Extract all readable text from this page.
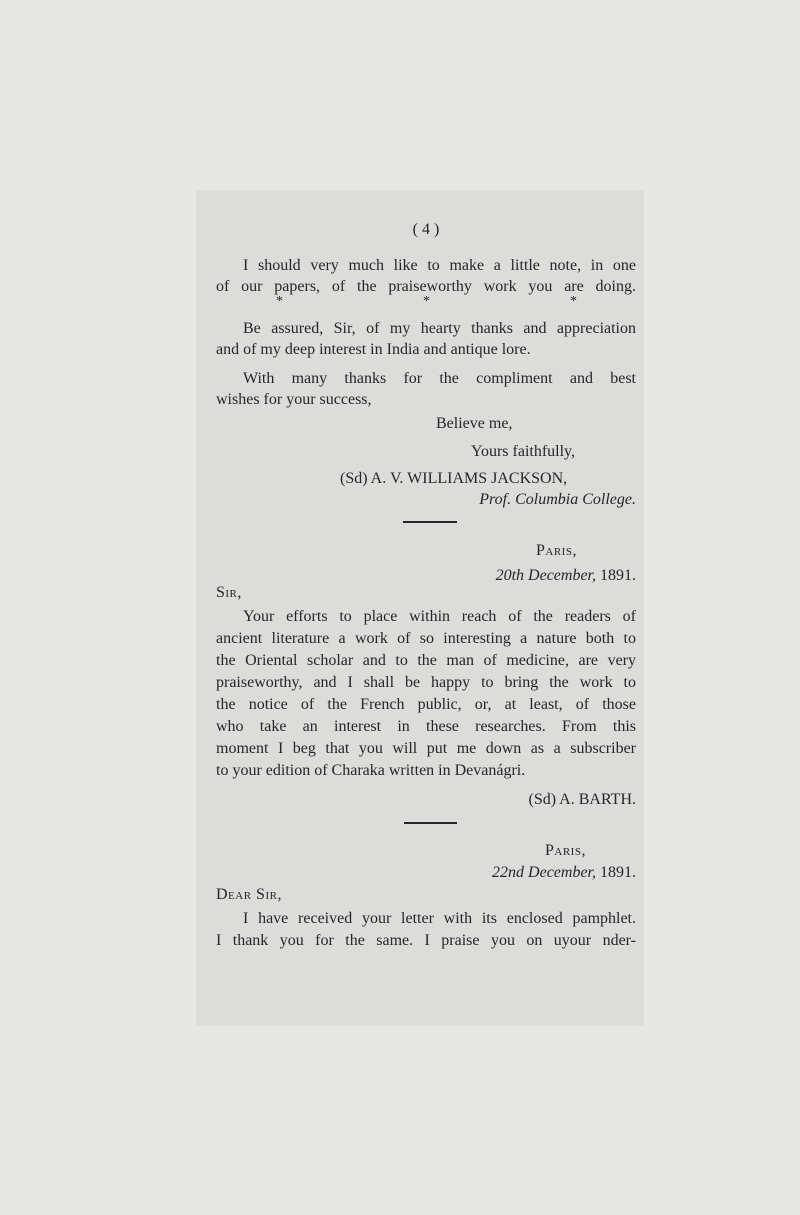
( 4 )
I should very much like to make a little note, in one
of our papers, of the praiseworthy work you are doing.
*	*	*
Be assured, Sir, of my hearty thanks and appreciation
and of my deep interest in India and antique lore.
With many thanks for the compliment and best
wishes for your success,
Believe me,
Yours faithfully,
(Sd) A. V. WILLIAMS JACKSON,
Prof. Columbia College.
Paris,
20th December, 1891.
Sir,
Your efforts to place within reach of the readers of
ancient literature a work of so interesting a nature both to
the Oriental scholar and to the man of medicine, are very
praiseworthy, and I shall be happy to bring the work to
the notice of the French public, or, at least, of those
who take an interest in these researches. From this
moment I beg that you will put me down as a subscriber
to your edition of Charaka written in Devanágri.
(Sd) A. BARTH.
Paris,
22nd December, 1891.
Dear Sir,
I have received your letter with its enclosed pamphlet.
I thank you for the same. I praise you on uyour nder-
